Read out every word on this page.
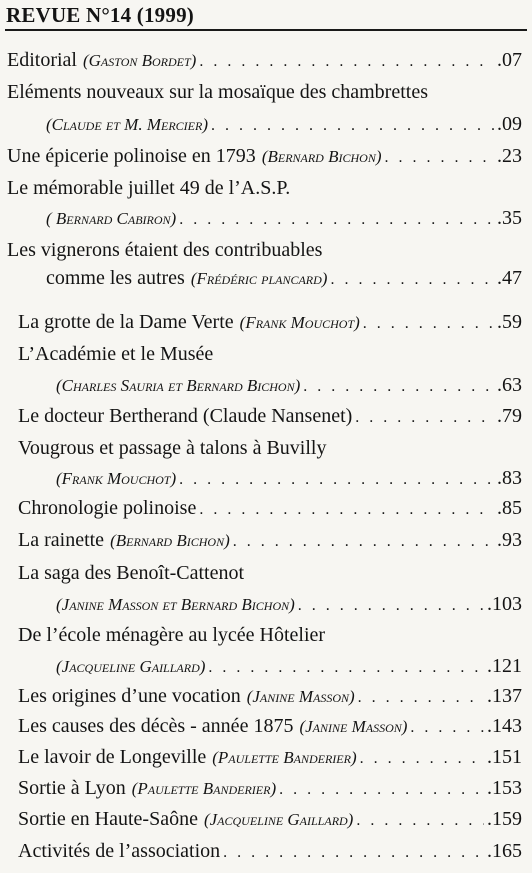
REVUE N°14 (1999)
Editorial (Gaston Bordet) . . .	.07
Eléments nouveaux sur la mosaïque des chambrettes
(Claude et M. Mercier) . . .	.09
Une épicerie polinoise en 1793 (Bernard Bichon) . . .	.23
Le mémorable juillet 49 de l’A.S.P.
( Bernard Cabiron) . . .	.35
Les vignerons étaient des contribuables
comme les autres (Frédéric plancard) . . .	.47
La grotte de la Dame Verte (Frank Mouchot) . . .	.59
L’Académie et le Musée
(Charles Sauria et Bernard Bichon) . . .	.63
Le docteur Bertherand (Claude Nansenet) . . .	.79
Vougrous et passage à talons à Buvilly
(Frank Mouchot) . . .	.83
Chronologie polinoise . . .	.85
La rainette (Bernard Bichon) . . .	.93
La saga des Benoît-Cattenot
(Janine Masson et Bernard Bichon) . . .	.103
De l’école ménagère au lycée Hôtelier
(Jacqueline Gaillard) . . .	.121
Les origines d’une vocation (Janine Masson) . . .	.137
Les causes des décès - année 1875 (Janine Masson) . . .	.143
Le lavoir de Longeville (Paulette Banderier) . . .	.151
Sortie à Lyon (Paulette Banderier) . . .	.153
Sortie en Haute-Saône (Jacqueline Gaillard) . . .	.159
Activités de l’association . . .	.165
